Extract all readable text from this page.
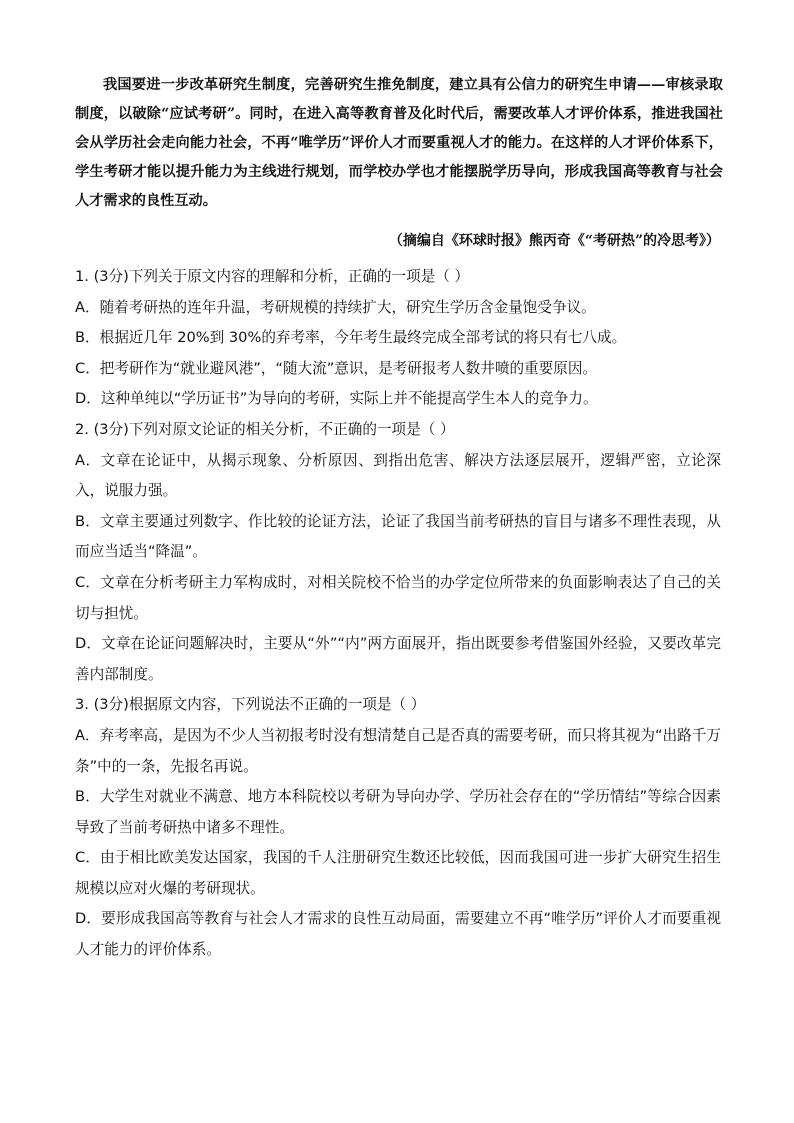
我国要进一步改革研究生制度，完善研究生推免制度，建立具有公信力的研究生申请——审核录取制度，以破除“应试考研”。同时，在进入高等教育普及化时代后，需要改革人才评价体系，推进我国社会从学历社会走向能力社会，不再“唯学历”评价人才而要重视人才的能力。在这样的人才评价体系下，学生考研才能以提升能力为主线进行规划，而学校办学也才能摆脱学历导向，形成我国高等教育与社会人才需求的良性互动。

（摘编自《环球时报》熊丙奇《“考研热”的冷思考》）

1. (3分)下列关于原文内容的理解和分析，正确的一项是（ ）

A．随着考研热的连年升温，考研规模的持续扩大，研究生学历含金量饱受争议。

B．根据近几年 20%到 30%的弃考率，今年考生最终完成全部考试的将只有七八成。

C．把考研作为“就业避风港”，“随大流”意识，是考研报考人数井喷的重要原因。

D．这种单纯以“学历证书”为导向的考研，实际上并不能提高学生本人的竞争力。

2. (3分)下列对原文论证的相关分析，不正确的一项是（ ）

A．文章在论证中，从揭示现象、分析原因、到指出危害、解决方法逐层展开，逻辑严密，立论深入，说服力强。

B．文章主要通过列数字、作比较的论证方法，论证了我国当前考研热的盲目与诸多不理性表现，从而应当适当“降温”。

C．文章在分析考研主力军构成时，对相关院校不恰当的办学定位所带来的负面影响表达了自己的关切与担忧。

D．文章在论证问题解决时，主要从“外”“内”两方面展开，指出既要参考借鉴国外经验，又要改革完善内部制度。

3. (3分)根据原文内容，下列说法不正确的一项是（ ）

A．弃考率高，是因为不少人当初报考时没有想清楚自己是否真的需要考研，而只将其视为“出路千万条”中的一条，先报名再说。

B．大学生对就业不满意、地方本科院校以考研为导向办学、学历社会存在的“学历情结”等综合因素导致了当前考研热中诸多不理性。

C．由于相比欧美发达国家，我国的千人注册研究生数还比较低，因而我国可进一步扩大研究生招生规模以应对火爆的考研现状。

D．要形成我国高等教育与社会人才需求的良性互动局面，需要建立不再“唯学历”评价人才而要重视人才能力的评价体系。
